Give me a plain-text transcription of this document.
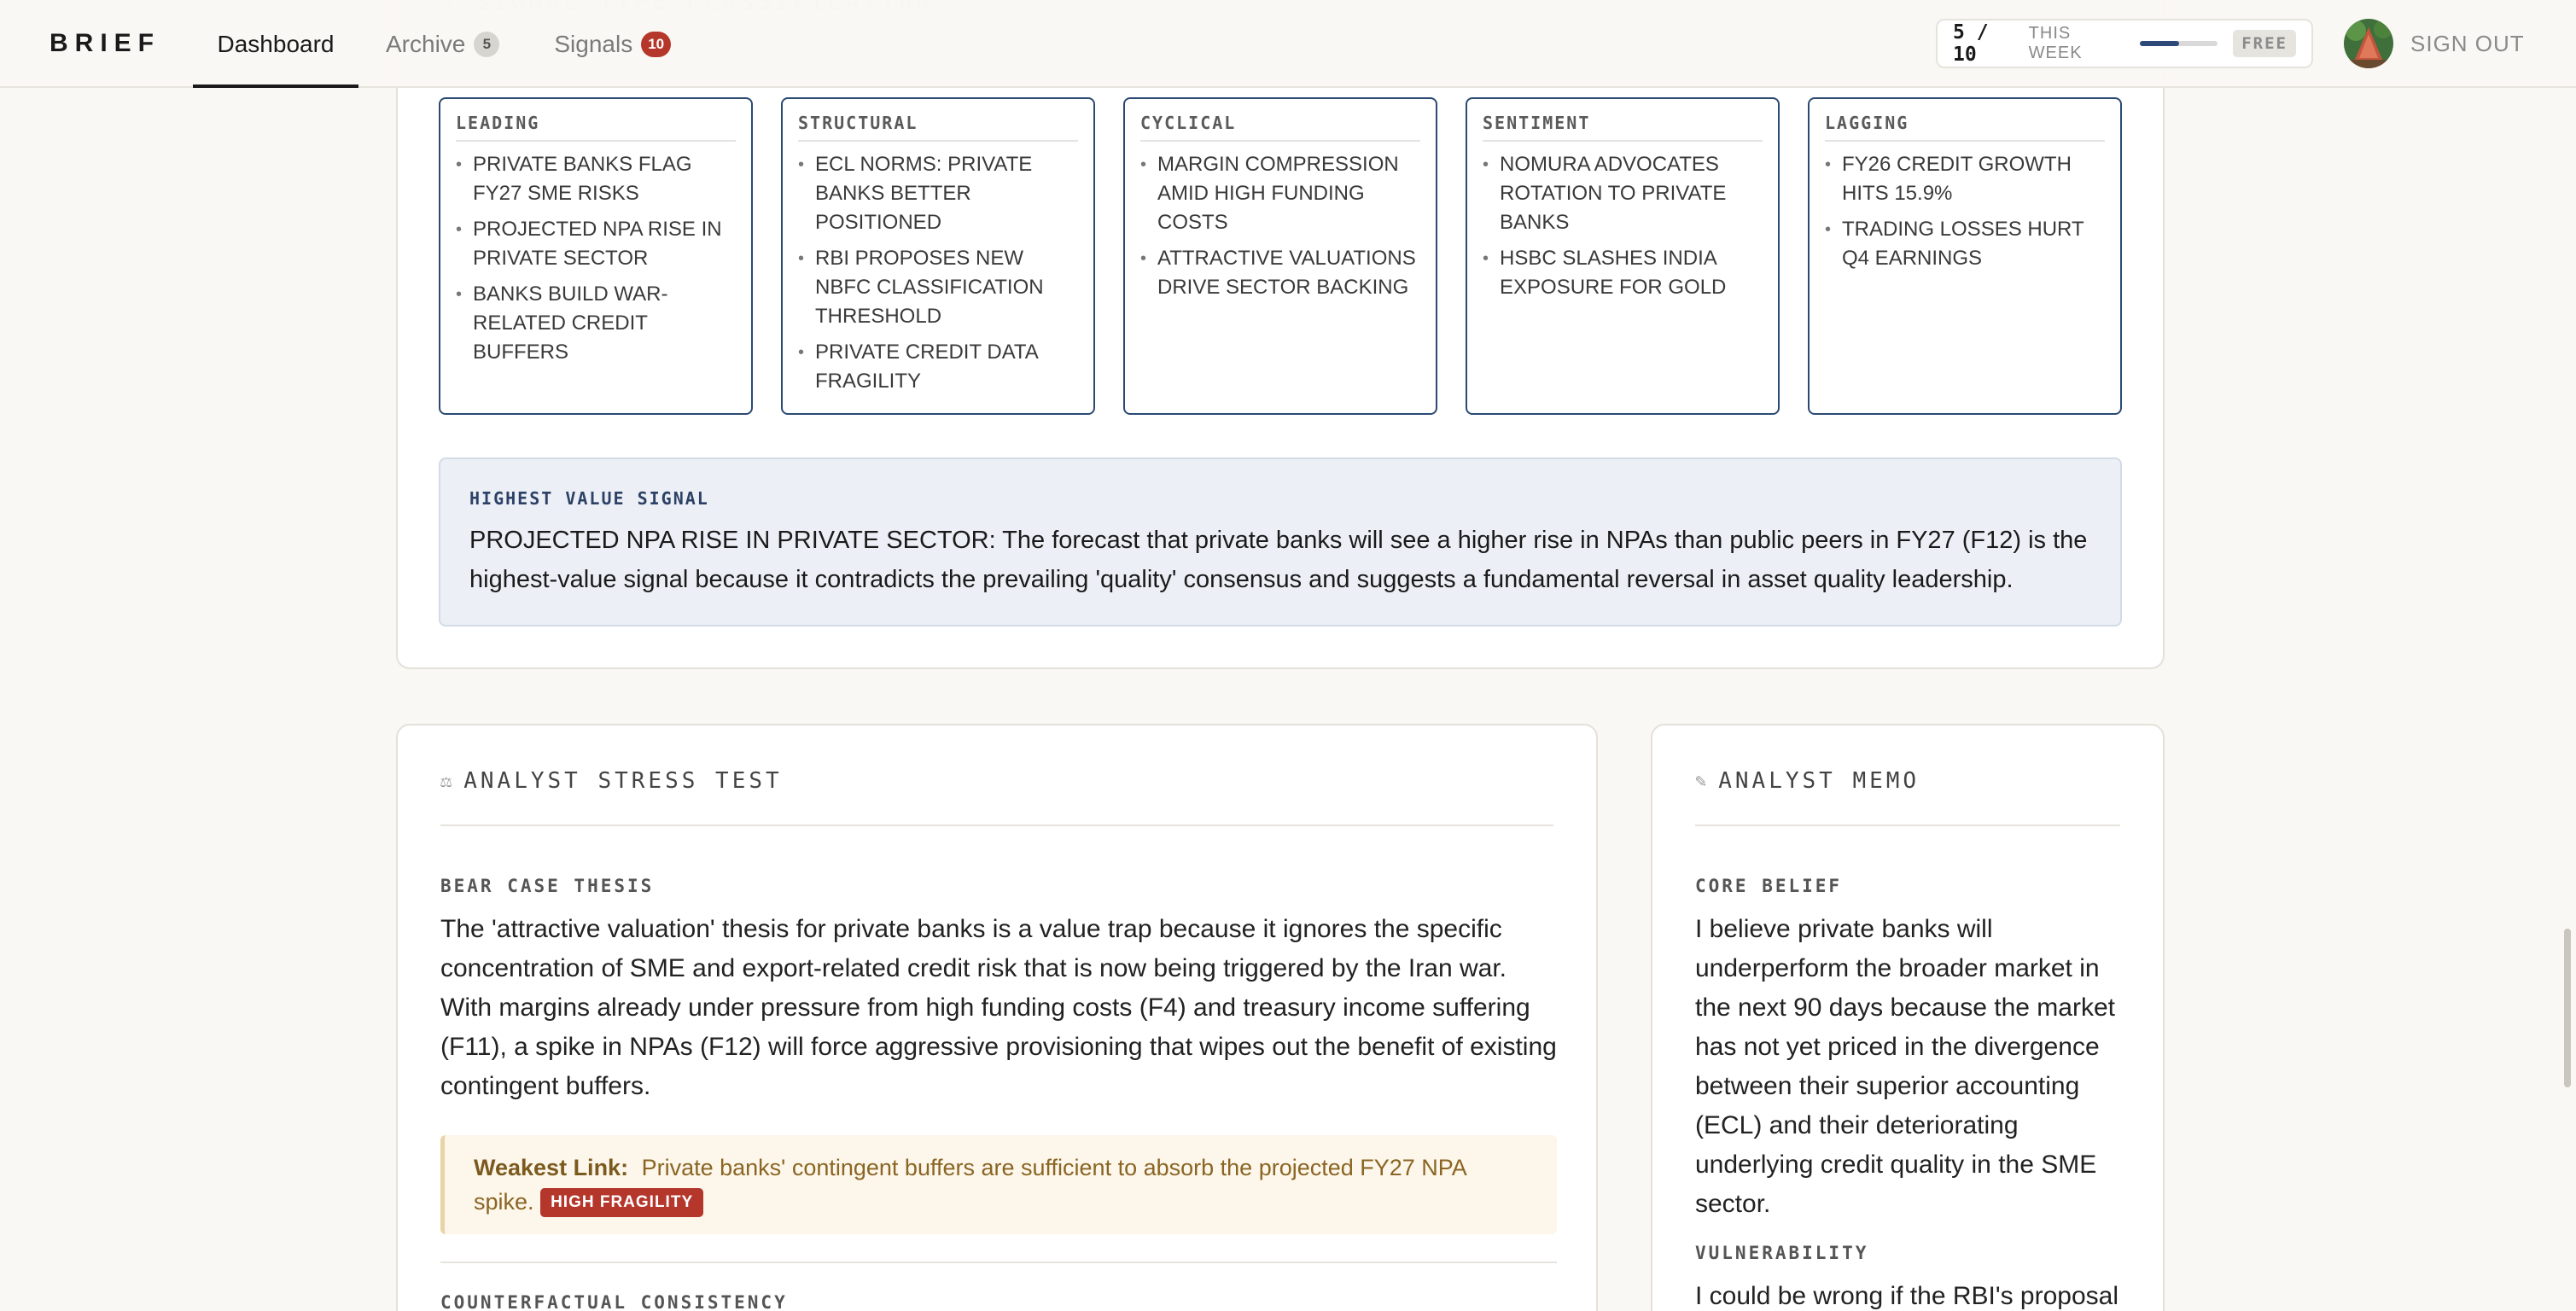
LEADING
• PRIVATE BANKS FLAG FY27 SME RISKS
• PROJECTED NPA RISE IN PRIVATE SECTOR
• BANKS BUILD WAR-RELATED CREDIT BUFFERS
STRUCTURAL
• ECL NORMS: PRIVATE BANKS BETTER POSITIONED
• RBI PROPOSES NEW NBFC CLASSIFICATION THRESHOLD
• PRIVATE CREDIT DATA FRAGILITY
CYCLICAL
• MARGIN COMPRESSION AMID HIGH FUNDING COSTS
• ATTRACTIVE VALUATIONS DRIVE SECTOR BACKING
SENTIMENT
• NOMURA ADVOCATES ROTATION TO PRIVATE BANKS
• HSBC SLASHES INDIA EXPOSURE FOR GOLD
LAGGING
• FY26 CREDIT GROWTH HITS 15.9%
• TRADING LOSSES HURT Q4 EARNINGS
HIGHEST VALUE SIGNAL
PROJECTED NPA RISE IN PRIVATE SECTOR: The forecast that private banks will see a higher rise in NPAs than public peers in FY27 (F12) is the highest-value signal because it contradicts the prevailing 'quality' consensus and suggests a fundamental reversal in asset quality leadership.
⚖ ANALYST STRESS TEST
BEAR CASE THESIS
The 'attractive valuation' thesis for private banks is a value trap because it ignores the specific concentration of SME and export-related credit risk that is now being triggered by the Iran war. With margins already under pressure from high funding costs (F4) and treasury income suffering (F11), a spike in NPAs (F12) will force aggressive provisioning that wipes out the benefit of existing contingent buffers.
Weakest Link: Private banks' contingent buffers are sufficient to absorb the projected FY27 NPA spike. HIGH FRAGILITY
COUNTERFACTUAL CONSISTENCY
✎ ANALYST MEMO
CORE BELIEF
I believe private banks will underperform the broader market in the next 90 days because the market has not yet priced in the divergence between their superior accounting (ECL) and their deteriorating underlying credit quality in the SME sector.
VULNERABILITY
I could be wrong if the RBI's proposal
BRIEF Dashboard Archive	5	Signals	10	5 / 10
THIS WEEK	FREE	SIGN OUT
